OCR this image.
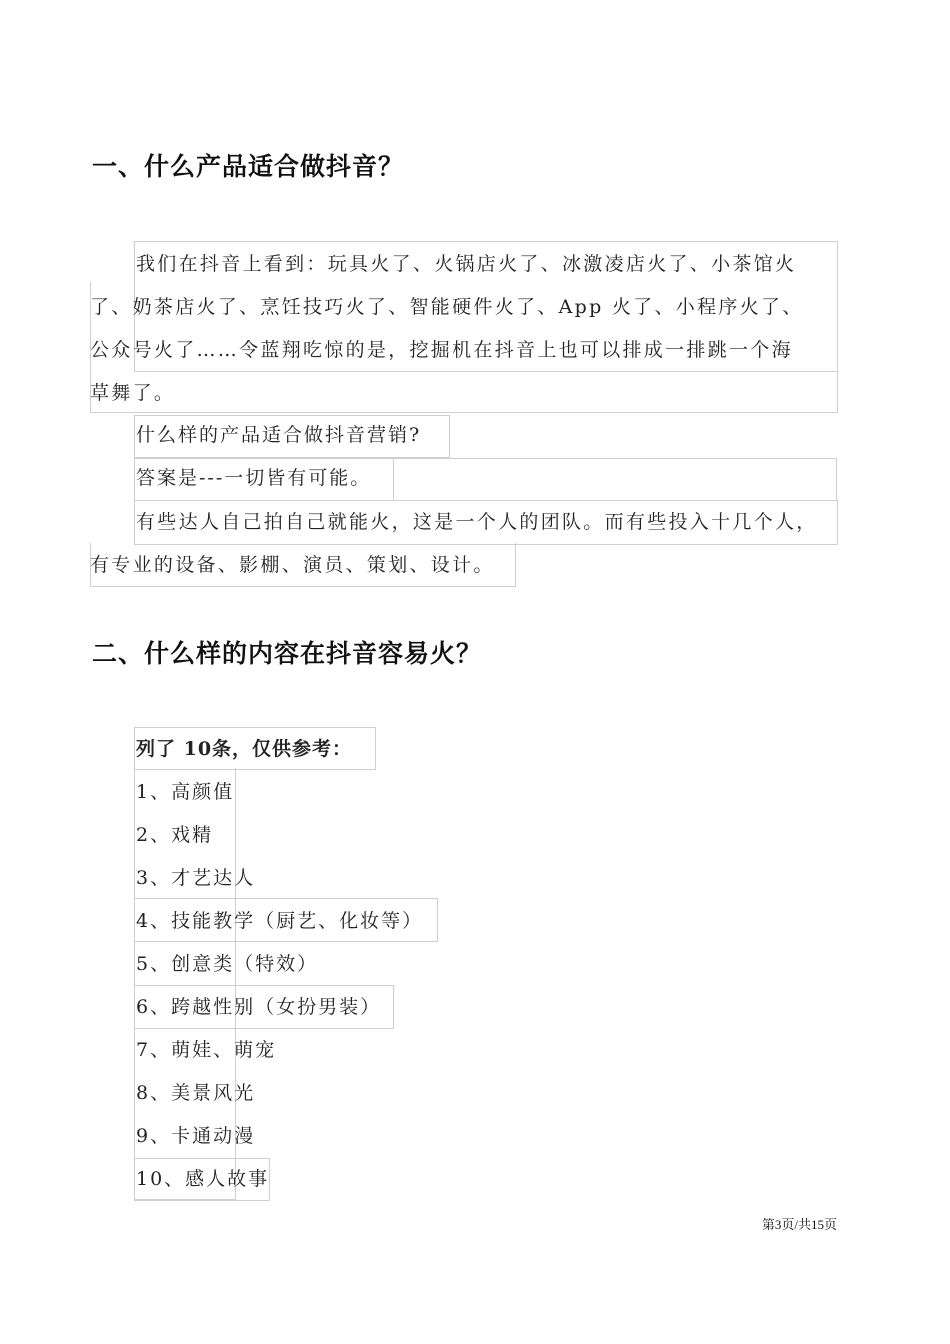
一、什么产品适合做抖音？
我们在抖音上看到：玩具火了、火锅店火了、冰激凌店火了、小茶馆火
了、奶茶店火了、烹饪技巧火了、智能硬件火了、App 火了、小程序火了、
公众号火了……令蓝翔吃惊的是，挖掘机在抖音上也可以排成一排跳一个海
草舞了。
什么样的产品适合做抖音营销?
答案是---一切皆有可能。
有些达人自己拍自己就能火，这是一个人的团队。而有些投入十几个人，
有专业的设备、影棚、演员、策划、设计。
二、什么样的内容在抖音容易火？
列了 10条，仅供参考：
1、高颜值
2、戏精
3、才艺达人
4、技能教学（厨艺、化妆等）
5、创意类（特效）
6、跨越性别（女扮男装）
7、萌娃、萌宠
8、美景风光
9、卡通动漫
10、感人故事
第3页/共15页
